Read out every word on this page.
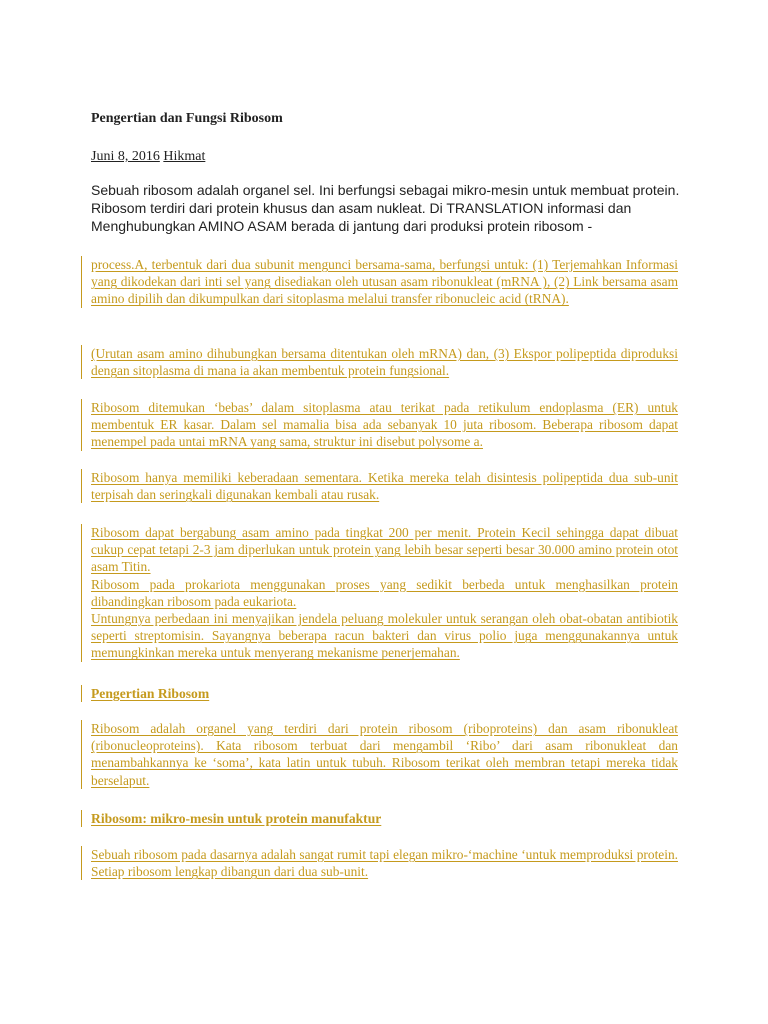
Pengertian dan Fungsi Ribosom
Juni 8, 2016 Hikmat
Sebuah ribosom adalah organel sel. Ini berfungsi sebagai mikro-mesin untuk membuat protein. Ribosom terdiri dari protein khusus dan asam nukleat. Di TRANSLATION informasi dan Menghubungkan AMINO ASAM berada di jantung dari produksi protein ribosom -
process.A, terbentuk dari dua subunit mengunci bersama-sama, berfungsi untuk: (1) Terjemahkan Informasi yang dikodekan dari inti sel yang disediakan oleh utusan asam ribonukleat (mRNA ), (2) Link bersama asam amino dipilih dan dikumpulkan dari sitoplasma melalui transfer ribonucleic acid (tRNA).
(Urutan asam amino dihubungkan bersama ditentukan oleh mRNA) dan, (3) Ekspor polipeptida diproduksi dengan sitoplasma di mana ia akan membentuk protein fungsional.
Ribosom ditemukan ‘bebas’ dalam sitoplasma atau terikat pada retikulum endoplasma (ER) untuk membentuk ER kasar. Dalam sel mamalia bisa ada sebanyak 10 juta ribosom. Beberapa ribosom dapat menempel pada untai mRNA yang sama, struktur ini disebut polysome a.
Ribosom hanya memiliki keberadaan sementara. Ketika mereka telah disintesis polipeptida dua sub-unit terpisah dan seringkali digunakan kembali atau rusak.

Ribosom dapat bergabung asam amino pada tingkat 200 per menit. Protein Kecil sehingga dapat dibuat cukup cepat tetapi 2-3 jam diperlukan untuk protein yang lebih besar seperti besar 30.000 amino protein otot asam Titin.

Ribosom pada prokariota menggunakan proses yang sedikit berbeda untuk menghasilkan protein dibandingkan ribosom pada eukariota.

Untungnya perbedaan ini menyajikan jendela peluang molekuler untuk serangan oleh obat-obatan antibiotik seperti streptomisin. Sayangnya beberapa racun bakteri dan virus polio juga menggunakannya untuk memungkinkan mereka untuk menyerang mekanisme penerjemahan.

Pengertian Ribosom
Ribosom adalah organel yang terdiri dari protein ribosom (riboproteins) dan asam ribonukleat (ribonucleoproteins). Kata ribosom terbuat dari mengambil ‘Ribo’ dari asam ribonukleat dan menambahkannya ke ‘soma’, kata latin untuk tubuh. Ribosom terikat oleh membran tetapi mereka tidak berselaput.
Ribosom: mikro-mesin untuk protein manufaktur
Sebuah ribosom pada dasarnya adalah sangat rumit tapi elegan mikro-‘machine ‘untuk memproduksi protein. Setiap ribosom lengkap dibangun dari dua sub-unit.
